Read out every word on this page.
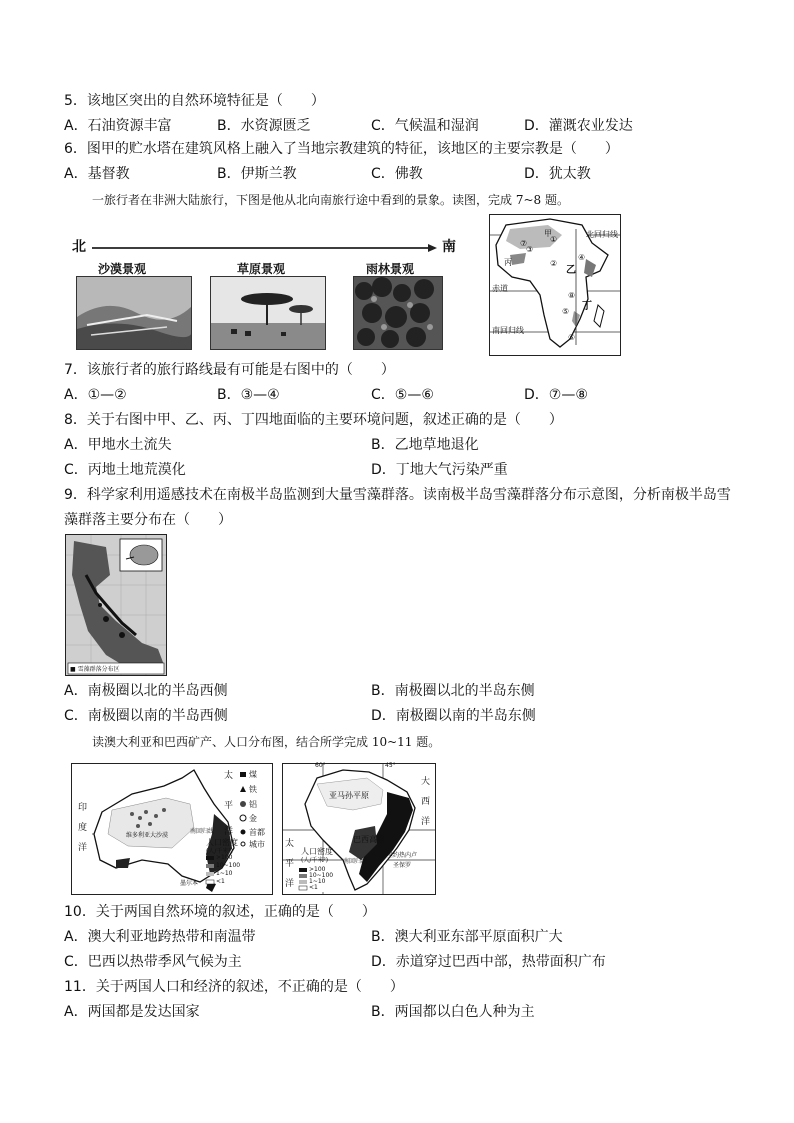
5．该地区突出的自然环境特征是（　　）
A．石油资源丰富	B．水资源匮乏	C．气候温和湿润	D．灌溉农业发达
6．图甲的贮水塔在建筑风格上融入了当地宗教建筑的特征，该地区的主要宗教是（　　）
A．基督教	B．伊斯兰教	C．佛教	D．犹太教
一旅行者在非洲大陆旅行，下图是他从北向南旅行途中看到的景象。读图，完成 7~8 题。
北	南
沙漠景观	草原景观	雨林景观
甲
乙
丙
丁
北回归线
赤道
南回归线
①
②
③
④
⑤
⑥
⑦
⑧
7．该旅行者的旅行路线最有可能是右图中的（　　）
A．①—②	B．③—④	C．⑤—⑥	D．⑦—⑧
8．关于右图中甲、乙、丙、丁四地面临的主要环境问题，叙述正确的是（　　）
A．甲地水土流失	B．乙地草地退化
C．丙地土地荒漠化	D．丁地大气污染严重
9．科学家利用遥感技术在南极半岛监测到大量雪藻群落。读南极半岛雪藻群落分布示意图，分析南极半岛雪
藻群落主要分布在（　　）
■ 雪藻群落分布区
A．南极圈以北的半岛西侧	B．南极圈以北的半岛东侧
C．南极圈以南的半岛西侧	D．南极圈以南的半岛东侧
读澳大利亚和巴西矿产、人口分布图，结合所学完成 10~11 题。
印
度
洋
太
平
洋
煤
铁
铝
金
首都
城市
人口密度
(人/千米²)
>100
10~100
1~10
<1
南回归线
维多利亚大沙漠
墨尔本
60°	45°
大
西
洋
太
平
洋
亚马孙平原
巴西高原
南回归线
里约热内卢
圣保罗
人口密度
(人/千米²)
>100
10~100
1~10
<1
10．关于两国自然环境的叙述，正确的是（　　）
A．澳大利亚地跨热带和南温带	B．澳大利亚东部平原面积广大
C．巴西以热带季风气候为主	D．赤道穿过巴西中部，热带面积广布
11．关于两国人口和经济的叙述，不正确的是（　　）
A．两国都是发达国家	B．两国都以白色人种为主
